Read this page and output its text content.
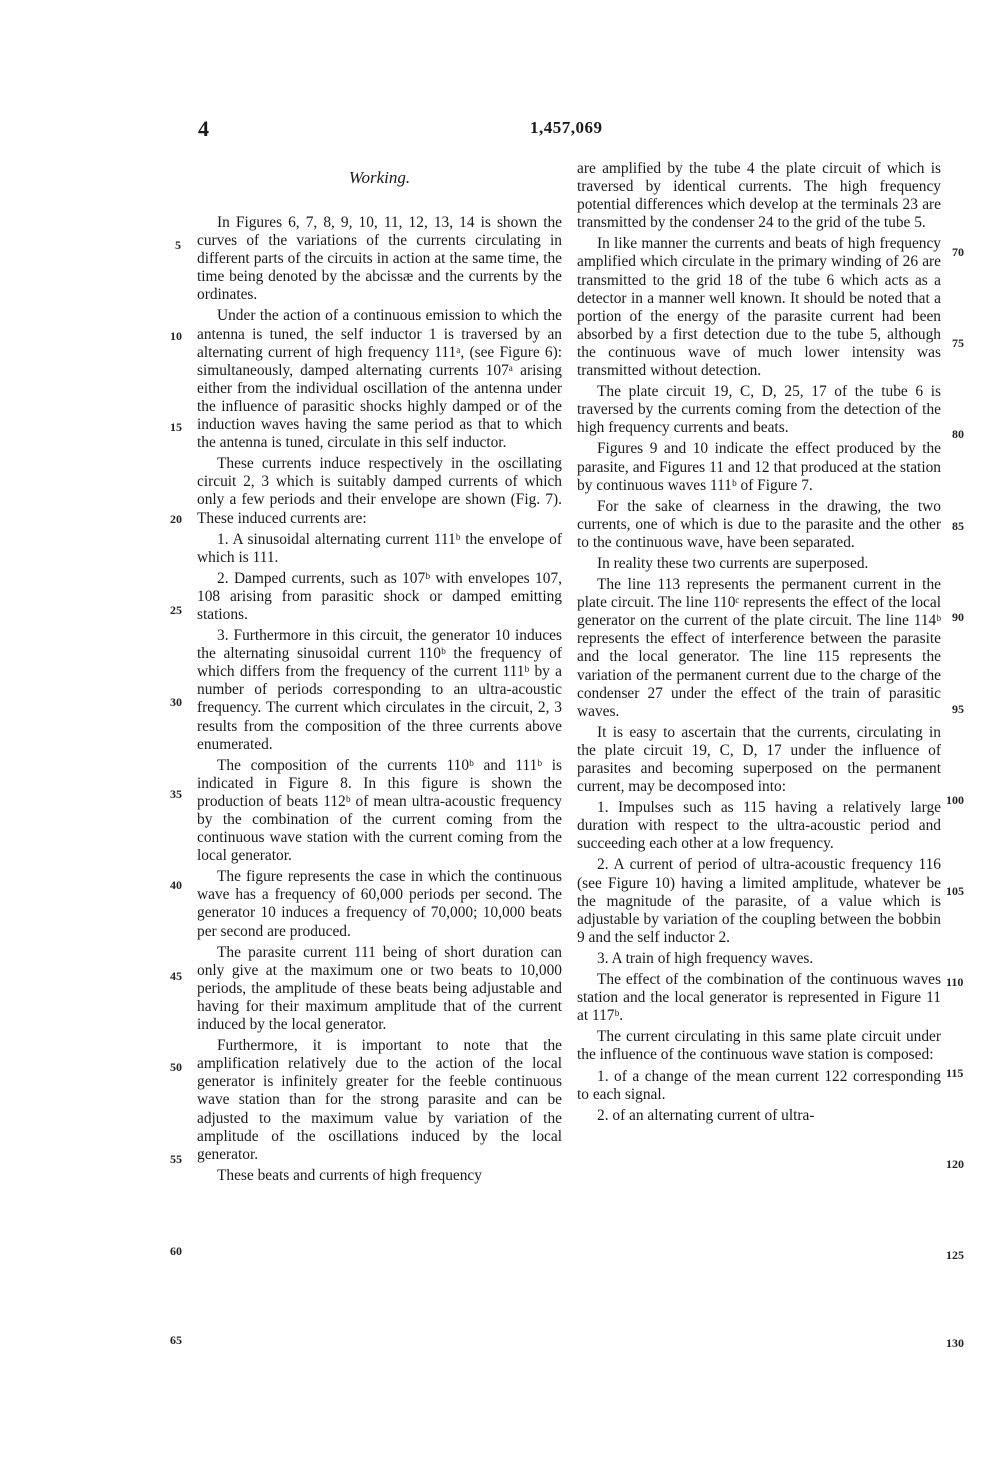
4	1,457,069
Working.

In Figures 6, 7, 8, 9, 10, 11, 12, 13, 14 is shown the curves of the variations of the currents circulating in different parts of the circuits in action at the same time, the time being denoted by the abcissæ and the currents by the ordinates.

Under the action of a continuous emission to which the antenna is tuned, the self inductor 1 is traversed by an alternating current of high frequency 111ᵃ, (see Figure 6): simultaneously, damped alternating currents 107ᵃ arising either from the individual oscillation of the antenna under the influence of parasitic shocks highly damped or of the induction waves having the same period as that to which the antenna is tuned, circulate in this self inductor.

These currents induce respectively in the oscillating circuit 2, 3 which is suitably damped currents of which only a few periods and their envelope are shown (Fig. 7). These induced currents are:

1. A sinusoidal alternating current 111ᵇ the envelope of which is 111.

2. Damped currents, such as 107ᵇ with envelopes 107, 108 arising from parasitic shock or damped emitting stations.

3. Furthermore in this circuit, the generator 10 induces the alternating sinusoidal current 110ᵇ the frequency of which differs from the frequency of the current 111ᵇ by a number of periods corresponding to an ultra-acoustic frequency. The current which circulates in the circuit, 2, 3 results from the composition of the three currents above enumerated.

The composition of the currents 110ᵇ and 111ᵇ is indicated in Figure 8. In this figure is shown the production of beats 112ᵇ of mean ultra-acoustic frequency by the combination of the current coming from the continuous wave station with the current coming from the local generator.

The figure represents the case in which the continuous wave has a frequency of 60,000 periods per second. The generator 10 induces a frequency of 70,000; 10,000 beats per second are produced.

The parasite current 111 being of short duration can only give at the maximum one or two beats to 10,000 periods, the amplitude of these beats being adjustable and having for their maximum amplitude that of the current induced by the local generator.

Furthermore, it is important to note that the amplification relatively due to the action of the local generator is infinitely greater for the feeble continuous wave station than for the strong parasite and can be adjusted to the maximum value by variation of the amplitude of the oscillations induced by the local generator.

These beats and currents of high frequency

are amplified by the tube 4 the plate circuit of which is traversed by identical currents. The high frequency potential differences which develop at the terminals 23 are transmitted by the condenser 24 to the grid of the tube 5.

In like manner the currents and beats of high frequency amplified which circulate in the primary winding of 26 are transmitted to the grid 18 of the tube 6 which acts as a detector in a manner well known. It should be noted that a portion of the energy of the parasite current had been absorbed by a first detection due to the tube 5, although the continuous wave of much lower intensity was transmitted without detection.

The plate circuit 19, C, D, 25, 17 of the tube 6 is traversed by the currents coming from the detection of the high frequency currents and beats.

Figures 9 and 10 indicate the effect produced by the parasite, and Figures 11 and 12 that produced at the station by continuous waves 111ᵇ of Figure 7.

For the sake of clearness in the drawing, the two currents, one of which is due to the parasite and the other to the continuous wave, have been separated.

In reality these two currents are superposed.

The line 113 represents the permanent current in the plate circuit. The line 110ᶜ represents the effect of the local generator on the current of the plate circuit. The line 114ᵇ represents the effect of interference between the parasite and the local generator. The line 115 represents the variation of the permanent current due to the charge of the condenser 27 under the effect of the train of parasitic waves.

It is easy to ascertain that the currents, circulating in the plate circuit 19, C, D, 17 under the influence of parasites and becoming superposed on the permanent current, may be decomposed into:

1. Impulses such as 115 having a relatively large duration with respect to the ultra-acoustic period and succeeding each other at a low frequency.

2. A current of period of ultra-acoustic frequency 116 (see Figure 10) having a limited amplitude, whatever be the magnitude of the parasite, of a value which is adjustable by variation of the coupling between the bobbin 9 and the self inductor 2.

3. A train of high frequency waves.

The effect of the combination of the continuous waves station and the local generator is represented in Figure 11 at 117ᵇ.

The current circulating in this same plate circuit under the influence of the continuous wave station is composed:

1. of a change of the mean current 122 corresponding to each signal.

2. of an alternating current of ultra-

5
10
15
20
25
30
35
40
45
50
55
60
65
70
75
80
85
90
95
100
105
110
115
120
125
130
